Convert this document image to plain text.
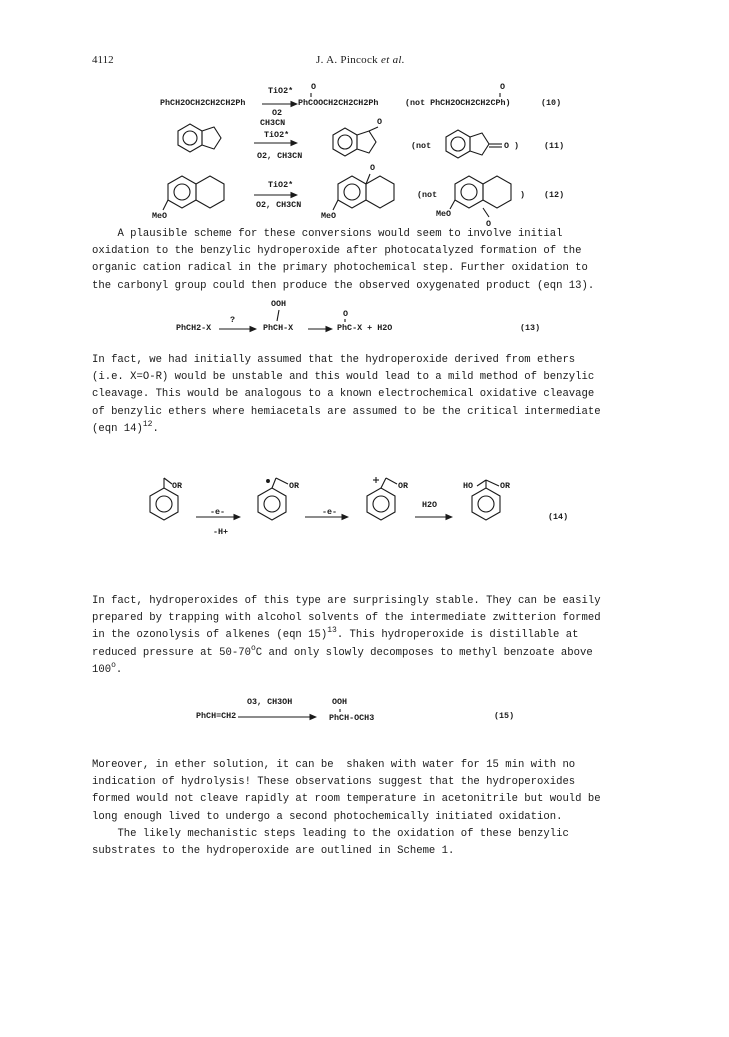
4112	J. A. Pincock et al.
PhCH2OCH2CH2CH2Ph
TiO2*
O2
O
PhCOOCH2CH2CH2Ph
O
(not PhCH2OCH2CH2CPh)	(10)
CH3CN
TiO2*
O2, CH3CN
O
(not	O )	(11)
TiO2*
O2, CH3CN
MeO	MeO
O
(not
MeO
O
) (12)
A plausible scheme for these conversions would seem to involve initial
oxidation to the benzylic hydroperoxide after photocatalyzed formation of the
organic cation radical in the primary photochemical step. Further oxidation to
the carbonyl group could then produce the observed oxygenated product (eqn 13).
PhCH2-X
?
OOH
PhCH-X
O
PhC-X + H2O	(13)
In fact, we had initially assumed that the hydroperoxide derived from ethers
(i.e. X=O-R) would be unstable and this would lead to a mild method of benzylic
cleavage. This would be analogous to a known electrochemical oxidative cleavage
of benzylic ethers where hemiacetals are assumed to be the critical intermediate
(eqn 14)$^{12}$.
OR	OR	OR	HO	OR
-e-
-H+
-e-
H2O
(14)
In fact, hydroperoxides of this type are surprisingly stable. They can be easily
prepared by trapping with alcohol solvents of the intermediate zwitterion formed
in the ozonolysis of alkenes (eqn 15)$^{13}$. This hydroperoxide is distillable at
reduced pressure at 50-70$^o$C and only slowly decomposes to methyl benzoate above
100$^o$.
PhCH=CH2
O3, CH3OH	OOH
PhCH-OCH3	(15)
Moreover, in ether solution, it can be  shaken with water for 15 min with no
indication of hydrolysis! These observations suggest that the hydroperoxides
formed would not cleave rapidly at room temperature in acetonitrile but would be
long enough lived to undergo a second photochemically initiated oxidation.
The likely mechanistic steps leading to the oxidation of these benzylic
substrates to the hydroperoxide are outlined in Scheme 1.
